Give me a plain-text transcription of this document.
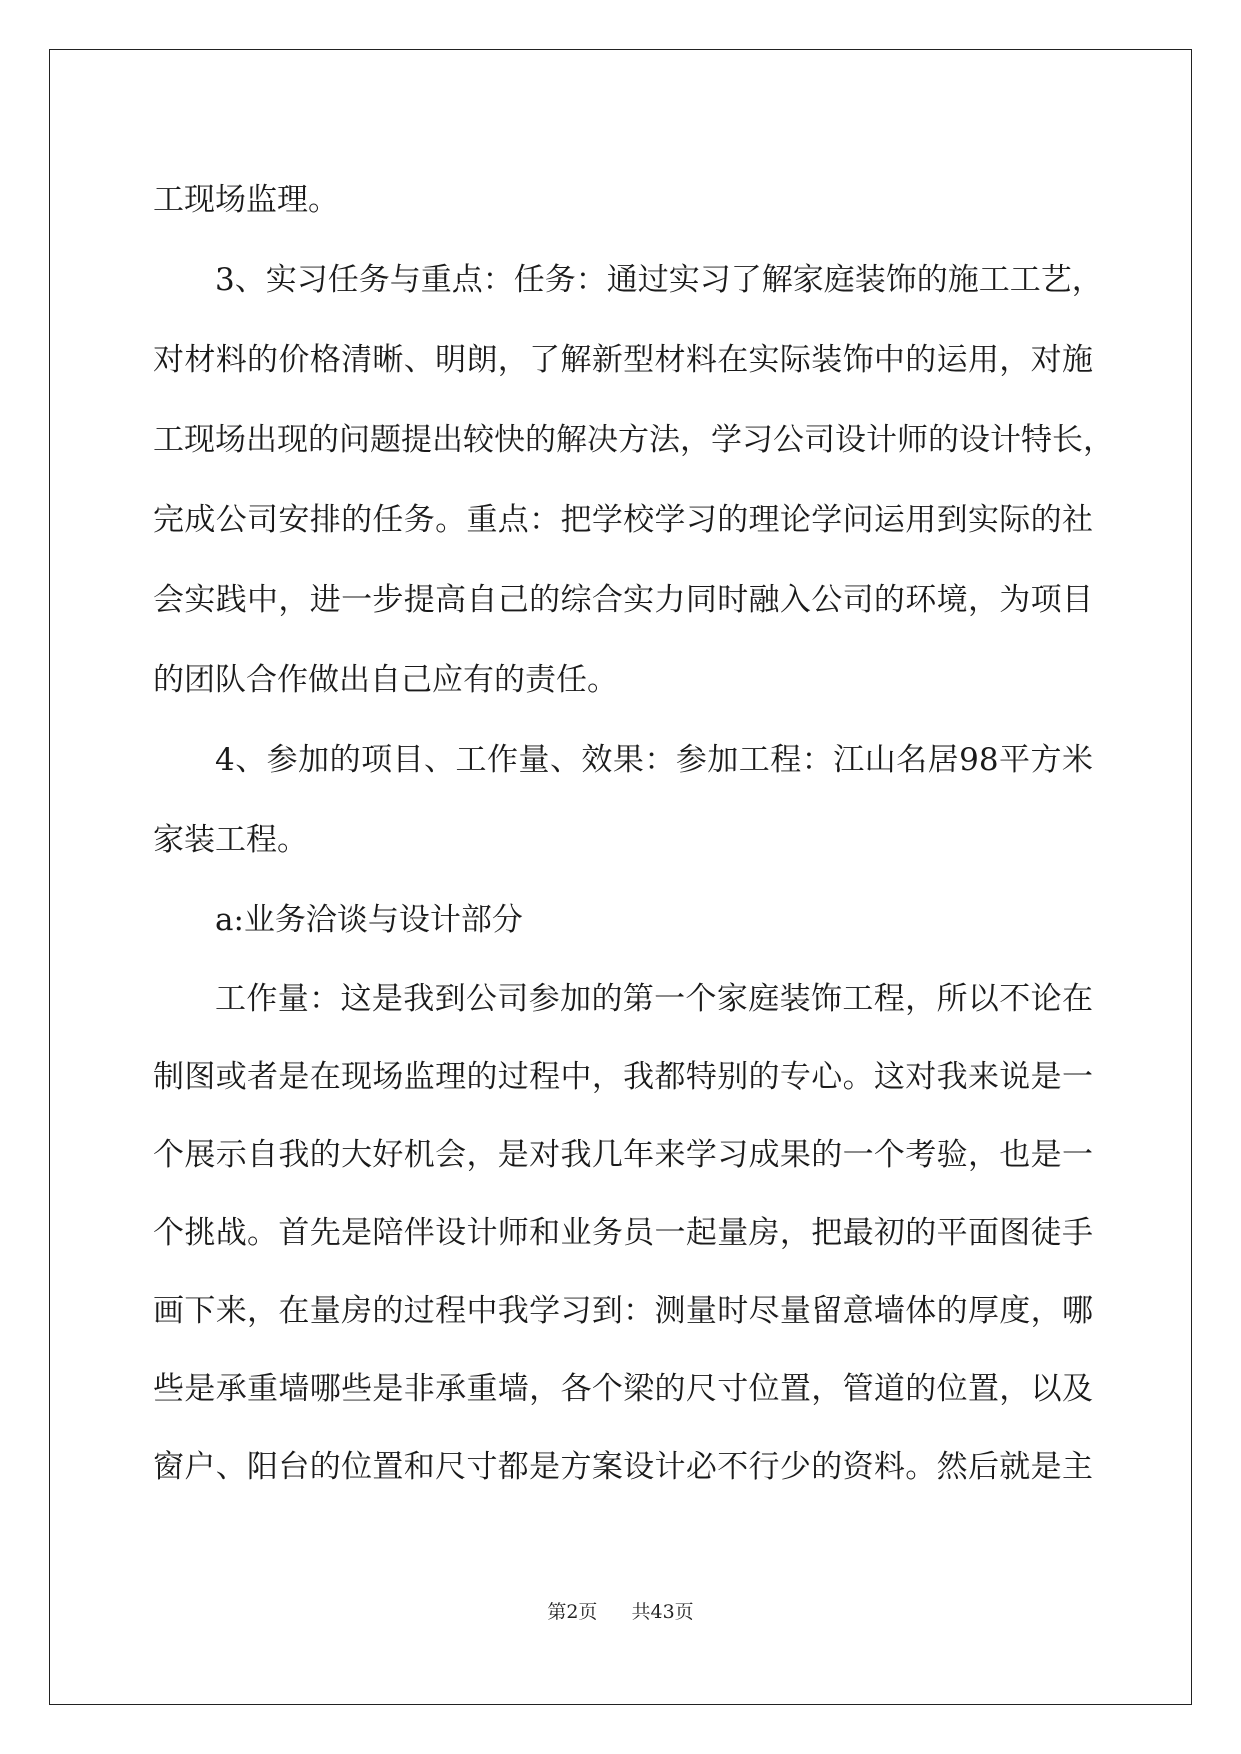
工现场监理。
3、实习任务与重点：任务：通过实习了解家庭装饰的施工工艺，
对材料的价格清晰、明朗，了解新型材料在实际装饰中的运用，对施
工现场出现的问题提出较快的解决方法，学习公司设计师的设计特长，
完成公司安排的任务。重点：把学校学习的理论学问运用到实际的社
会实践中，进一步提高自己的综合实力同时融入公司的环境，为项目
的团队合作做出自己应有的责任。
4、参加的项目、工作量、效果：参加工程：江山名居98平方米
家装工程。
a:业务洽谈与设计部分
工作量：这是我到公司参加的第一个家庭装饰工程，所以不论在
制图或者是在现场监理的过程中，我都特别的专心。这对我来说是一
个展示自我的大好机会，是对我几年来学习成果的一个考验，也是一
个挑战。首先是陪伴设计师和业务员一起量房，把最初的平面图徒手
画下来，在量房的过程中我学习到：测量时尽量留意墙体的厚度，哪
些是承重墙哪些是非承重墙，各个梁的尺寸位置，管道的位置，以及
窗户、阳台的位置和尺寸都是方案设计必不行少的资料。然后就是主
第2页 共43页
